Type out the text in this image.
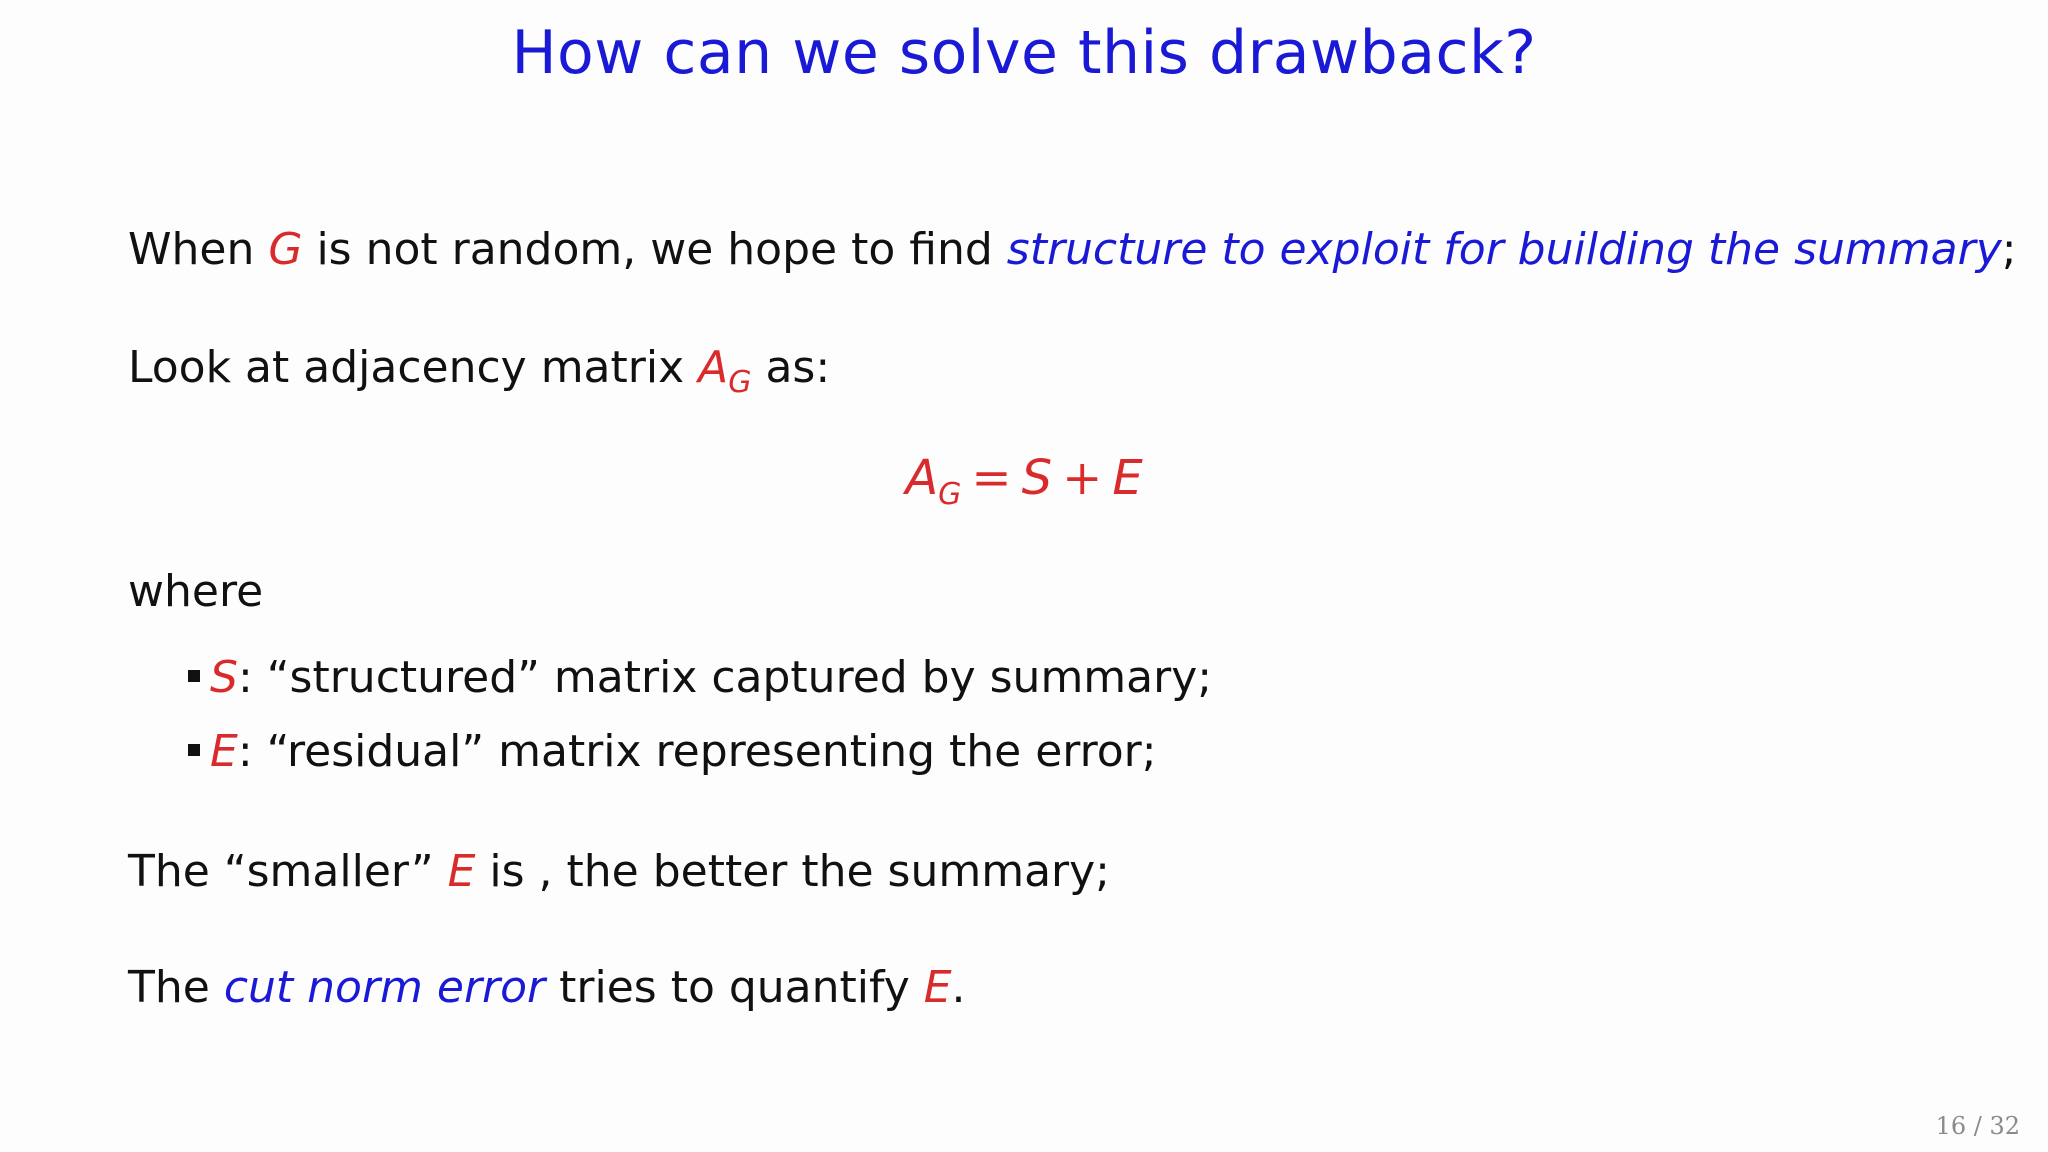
How can we solve this drawback?
When G is not random, we hope to find structure to exploit for building the summary;
Look at adjacency matrix $A_G$ as:
$A_G = S + E$
where
S: “structured” matrix captured by summary;
E: “residual” matrix representing the error;
The “smaller” E is , the better the summary;
The cut norm error tries to quantify E.
16 / 32
